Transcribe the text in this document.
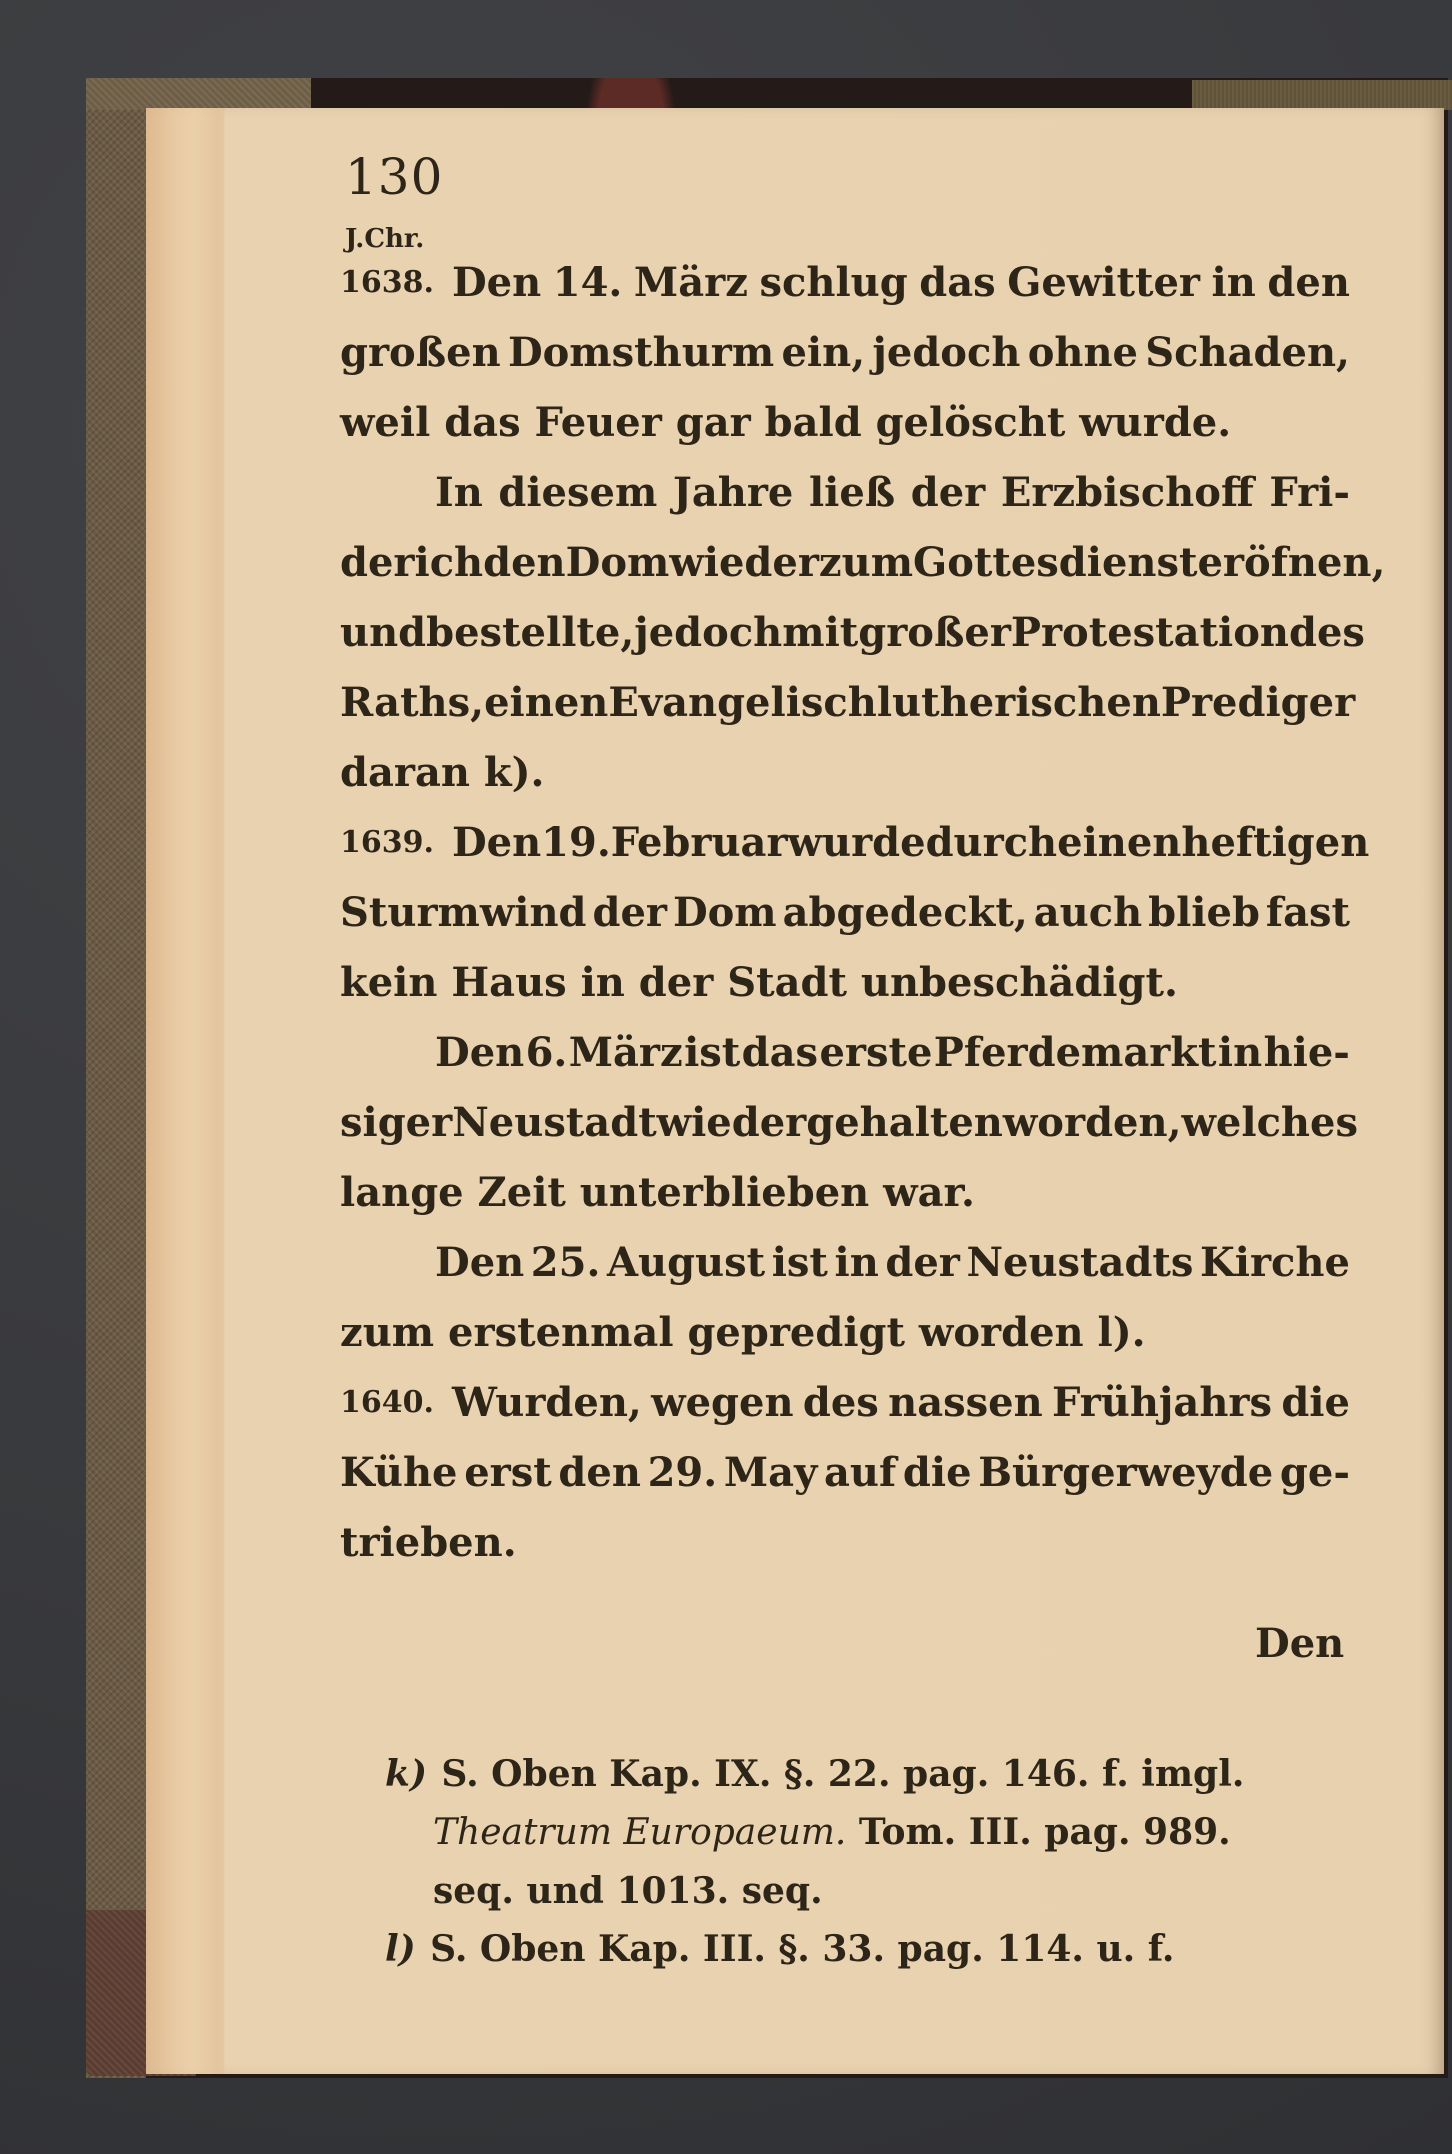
130
J.Chr.
1638. Den 14. März schlug das Gewitter in den
großen Domsthurm ein, jedoch ohne Schaden,
weil das Feuer gar bald gelöscht wurde.
In diesem Jahre ließ der Erzbischoff Fri-
derich den Dom wieder zum Gottesdienst eröfnen,
und bestellte, jedoch mit großer Protestation des
Raths, einen Evangelischlutherischen Prediger
daran k).
1639. Den 19. Februar wurde durch einen heftigen
Sturmwind der Dom abgedeckt, auch blieb fast
kein Haus in der Stadt unbeschädigt.
Den 6. März ist das erste Pferdemarkt in hie-
siger Neustadt wieder gehalten worden, welches
lange Zeit unterblieben war.
Den 25. August ist in der Neustadts Kirche
zum erstenmal gepredigt worden l).
1640. Wurden, wegen des nassen Frühjahrs die
Kühe erst den 29. May auf die Bürgerweyde ge-
trieben.
Den
k) S. Oben Kap. IX. §. 22. pag. 146. f. imgl.
Theatrum Europaeum. Tom. III. pag. 989.
seq. und 1013. seq.
l) S. Oben Kap. III. §. 33. pag. 114. u. f.
